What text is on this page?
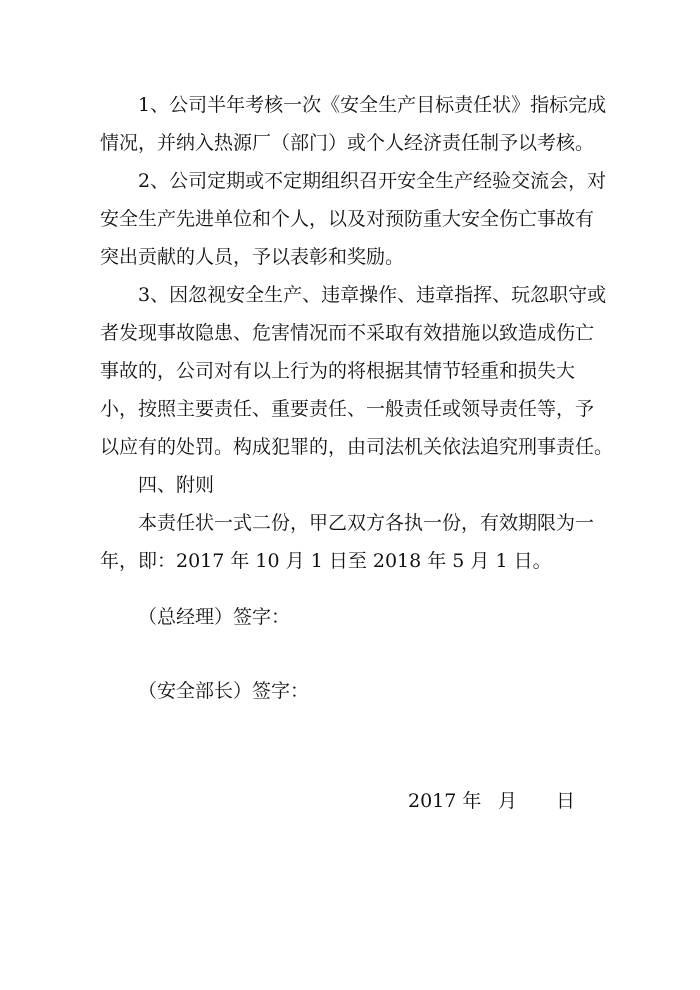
1、公司半年考核一次《安全生产目标责任状》指标完成
情况，并纳入热源厂（部门）或个人经济责任制予以考核。
2、公司定期或不定期组织召开安全生产经验交流会，对
安全生产先进单位和个人，以及对预防重大安全伤亡事故有
突出贡献的人员，予以表彰和奖励。
3、因忽视安全生产、违章操作、违章指挥、玩忽职守或
者发现事故隐患、危害情况而不采取有效措施以致造成伤亡
事故的，公司对有以上行为的将根据其情节轻重和损失大
小，按照主要责任、重要责任、一般责任或领导责任等，予
以应有的处罚。构成犯罪的，由司法机关依法追究刑事责任。
四、附则
本责任状一式二份，甲乙双方各执一份，有效期限为一
年，即：2017 年 10 月 1 日至 2018 年 5 月 1 日。
（总经理）签字：
（安全部长）签字：
2017 年 月 日
